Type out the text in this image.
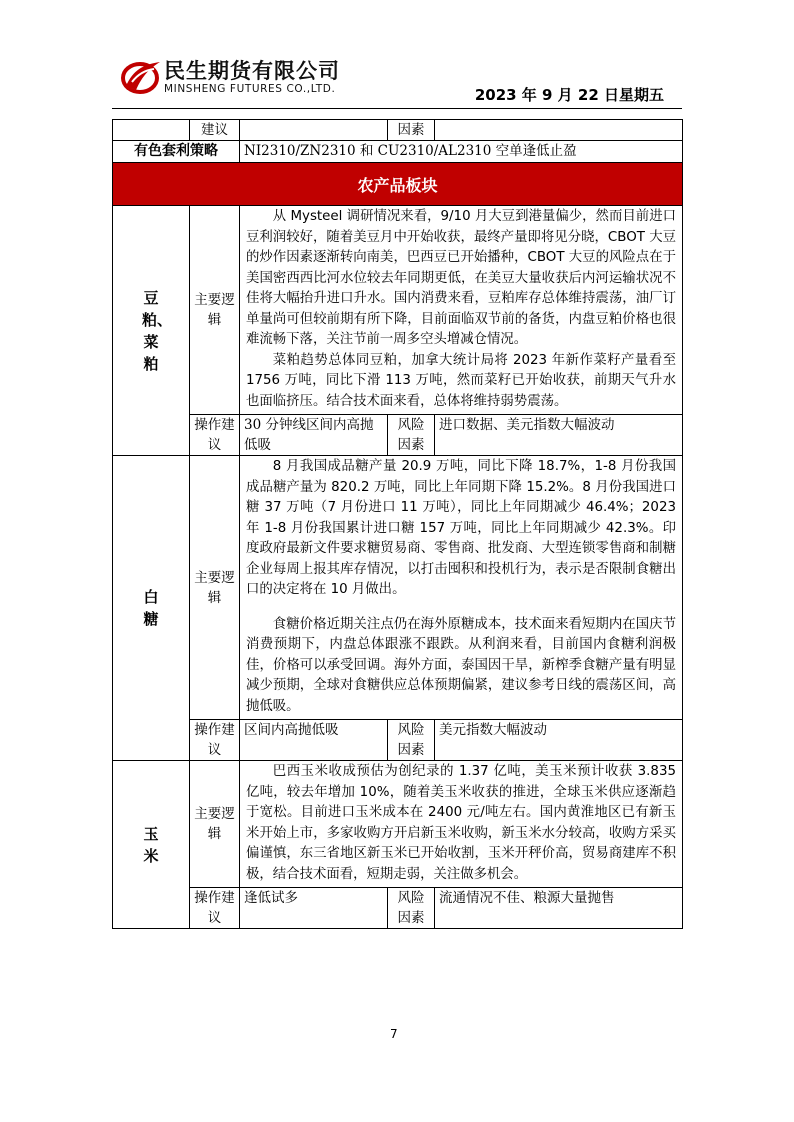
民生期货有限公司
MINSHENG FUTURES CO.,LTD.	2023 年 9 月 22 日星期五
	建议		因素	
有色套利策略		NI2310/ZN2310 和 CU2310/AL2310 空单逢低止盈		
农产品板块				
豆粕、菜粕	主要逻辑	从 Mysteel 调研情况来看，9/10 月大豆到港量偏少，然而目前进口豆利润较好，随着美豆月中开始收获，最终产量即将见分晓，CBOT 大豆的炒作因素逐渐转向南美，巴西豆已开始播种，CBOT 大豆的风险点在于美国密西西比河水位较去年同期更低，在美豆大量收获后内河运输状况不佳将大幅抬升进口升水。国内消费来看，豆粕库存总体维持震荡，油厂订单量尚可但较前期有所下降，目前面临双节前的备货，内盘豆粕价格也很难流畅下落，关注节前一周多空头增减仓情况。

菜粕趋势总体同豆粕，加拿大统计局将 2023 年新作菜籽产量看至 1756 万吨，同比下滑 113 万吨，然而菜籽已开始收获，前期天气升水也面临挤压。结合技术面来看，总体将维持弱势震荡。		

	操作建议	30 分钟线区间内高抛低吸	风险因素	进口数据、美元指数大幅波动
白糖	主要逻辑	8 月我国成品糖产量 20.9 万吨，同比下降 18.7%，1-8 月份我国成品糖产量为 820.2 万吨，同比上年同期下降 15.2%。8 月份我国进口糖 37 万吨（7 月份进口 11 万吨），同比上年同期减少 46.4%；2023 年 1-8 月份我国累计进口糖 157 万吨，同比上年同期减少 42.3%。印度政府最新文件要求糖贸易商、零售商、批发商、大型连锁零售商和制糖企业每周上报其库存情况，以打击囤积和投机行为，表示是否限制食糖出口的决定将在 10 月做出。

食糖价格近期关注点仍在海外原糖成本，技术面来看短期内在国庆节消费预期下，内盘总体跟涨不跟跌。从利润来看，目前国内食糖利润极佳，价格可以承受回调。海外方面，泰国因干旱，新榨季食糖产量有明显减少预期，全球对食糖供应总体预期偏紧，建议参考日线的震荡区间，高抛低吸。		

	操作建议	区间内高抛低吸	风险因素	美元指数大幅波动
玉米	主要逻辑	巴西玉米收成预估为创纪录的 1.37 亿吨，美玉米预计收获 3.835 亿吨，较去年增加 10%，随着美玉米收获的推进，全球玉米供应逐渐趋于宽松。目前进口玉米成本在 2400 元/吨左右。国内黄淮地区已有新玉米开始上市，多家收购方开启新玉米收购，新玉米水分较高，收购方采买偏谨慎，东三省地区新玉米已开始收割，玉米开秤价高，贸易商建库不积极，结合技术面看，短期走弱，关注做多机会。		

	操作建议	逢低试多	风险因素	流通情况不佳、粮源大量抛售
7
